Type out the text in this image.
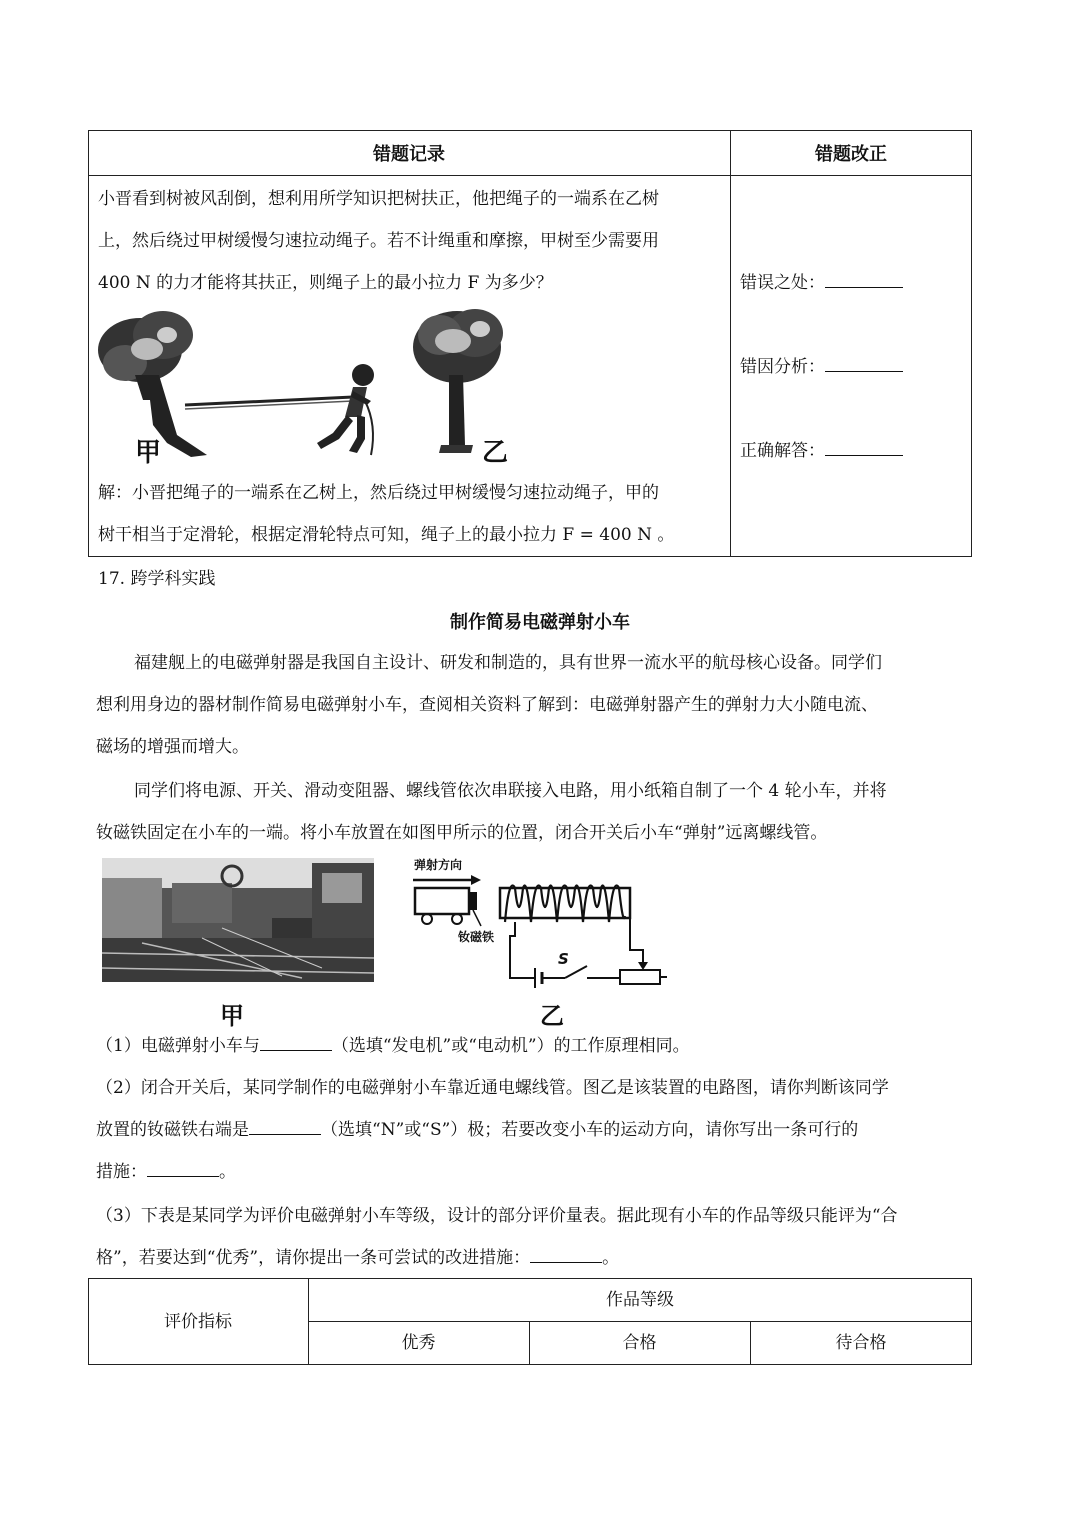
错题记录	错题改正
小晋看到树被风刮倒，想利用所学知识把树扶正，他把绳子的一端系在乙树
上，然后绕过甲树缓慢匀速拉动绳子。若不计绳重和摩擦，甲树至少需要用
400 N 的力才能将其扶正，则绳子上的最小拉力 F 为多少？
甲	乙
解：小晋把绳子的一端系在乙树上，然后绕过甲树缓慢匀速拉动绳子，甲的
树干相当于定滑轮，根据定滑轮特点可知，绳子上的最小拉力 F = 400 N 。
错误之处：
错因分析：
正确解答：
17. 跨学科实践
制作简易电磁弹射小车
福建舰上的电磁弹射器是我国自主设计、研发和制造的，具有世界一流水平的航母核心设备。同学们
想利用身边的器材制作简易电磁弹射小车，查阅相关资料了解到：电磁弹射器产生的弹射力大小随电流、
磁场的增强而增大。
同学们将电源、开关、滑动变阻器、螺线管依次串联接入电路，用小纸箱自制了一个 4 轮小车，并将
钕磁铁固定在小车的一端。将小车放置在如图甲所示的位置，闭合开关后小车“弹射”远离螺线管。
甲
弹射方向
钕磁铁
S
乙
（1）电磁弹射小车与	（选填“发电机”或“电动机”）的工作原理相同。
（2）闭合开关后，某同学制作的电磁弹射小车靠近通电螺线管。图乙是该装置的电路图，请你判断该同学
放置的钕磁铁右端是	（选填“N”或“S”）极；若要改变小车的运动方向，请你写出一条可行的
措施：	。
（3）下表是某同学为评价电磁弹射小车等级，设计的部分评价量表。据此现有小车的作品等级只能评为“合
格”，若要达到“优秀”，请你提出一条可尝试的改进措施：	。
评价指标
作品等级
优秀	合格	待合格
